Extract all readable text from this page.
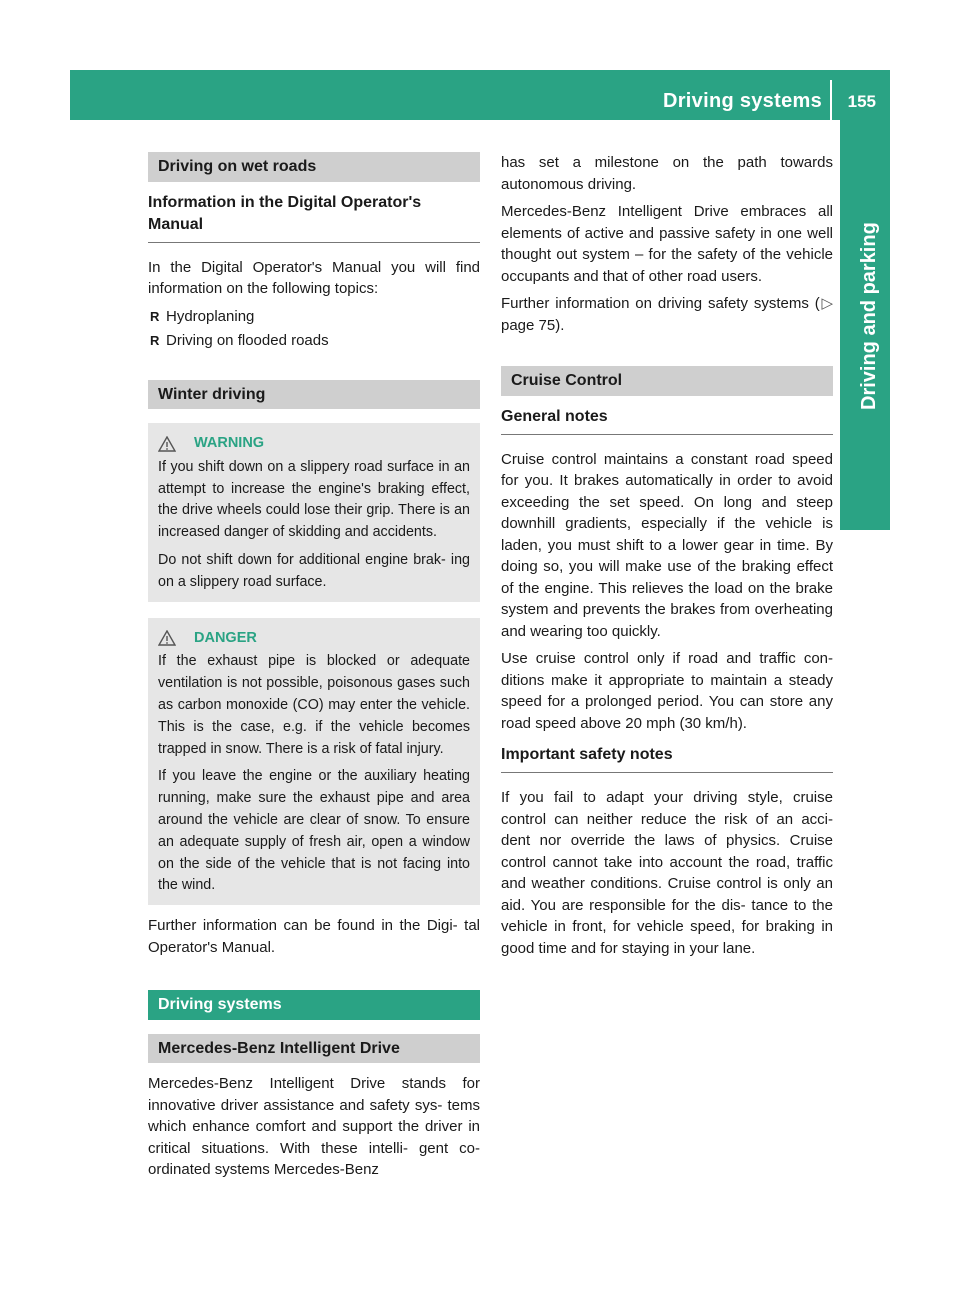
Driving systems 155
Driving and parking
Driving on wet roads
Information in the Digital Operator's Manual

In the Digital Operator's Manual you will find information on the following topics:

R Hydroplaning
R Driving on flooded roads
Winter driving
WARNING

If you shift down on a slippery road surface in an attempt to increase the engine's braking effect, the drive wheels could lose their grip. There is an increased danger of skidding and accidents.

Do not shift down for additional engine brak- ing on a slippery road surface.

DANGER

If the exhaust pipe is blocked or adequate ventilation is not possible, poisonous gases such as carbon monoxide (CO) may enter the vehicle. This is the case, e.g. if the vehicle becomes trapped in snow. There is a risk of fatal injury.

If you leave the engine or the auxiliary heating running, make sure the exhaust pipe and area around the vehicle are clear of snow. To ensure an adequate supply of fresh air, open a window on the side of the vehicle that is not facing into the wind.

Further information can be found in the Digi- tal Operator's Manual.

Driving systems
Mercedes-Benz Intelligent Drive

Mercedes-Benz Intelligent Drive stands for innovative driver assistance and safety sys- tems which enhance comfort and support the driver in critical situations. With these intelli- gent co-ordinated systems Mercedes-Benz

has set a milestone on the path towards autonomous driving.

Mercedes-Benz Intelligent Drive embraces all elements of active and passive safety in one well thought out system – for the safety of the vehicle occupants and that of other road users.

Further information on driving safety systems (▷ page 75).

Cruise Control
General notes

Cruise control maintains a constant road speed for you. It brakes automatically in order to avoid exceeding the set speed. On long and steep downhill gradients, especially if the vehicle is laden, you must shift to a lower gear in time. By doing so, you will make use of the braking effect of the engine. This relieves the load on the brake system and prevents the brakes from overheating and wearing too quickly.

Use cruise control only if road and traffic con- ditions make it appropriate to maintain a steady speed for a prolonged period. You can store any road speed above 20 mph (30 km/h).

Important safety notes

If you fail to adapt your driving style, cruise control can neither reduce the risk of an acci- dent nor override the laws of physics. Cruise control cannot take into account the road, traffic and weather conditions. Cruise control is only an aid. You are responsible for the dis- tance to the vehicle in front, for vehicle speed, for braking in good time and for staying in your lane.
